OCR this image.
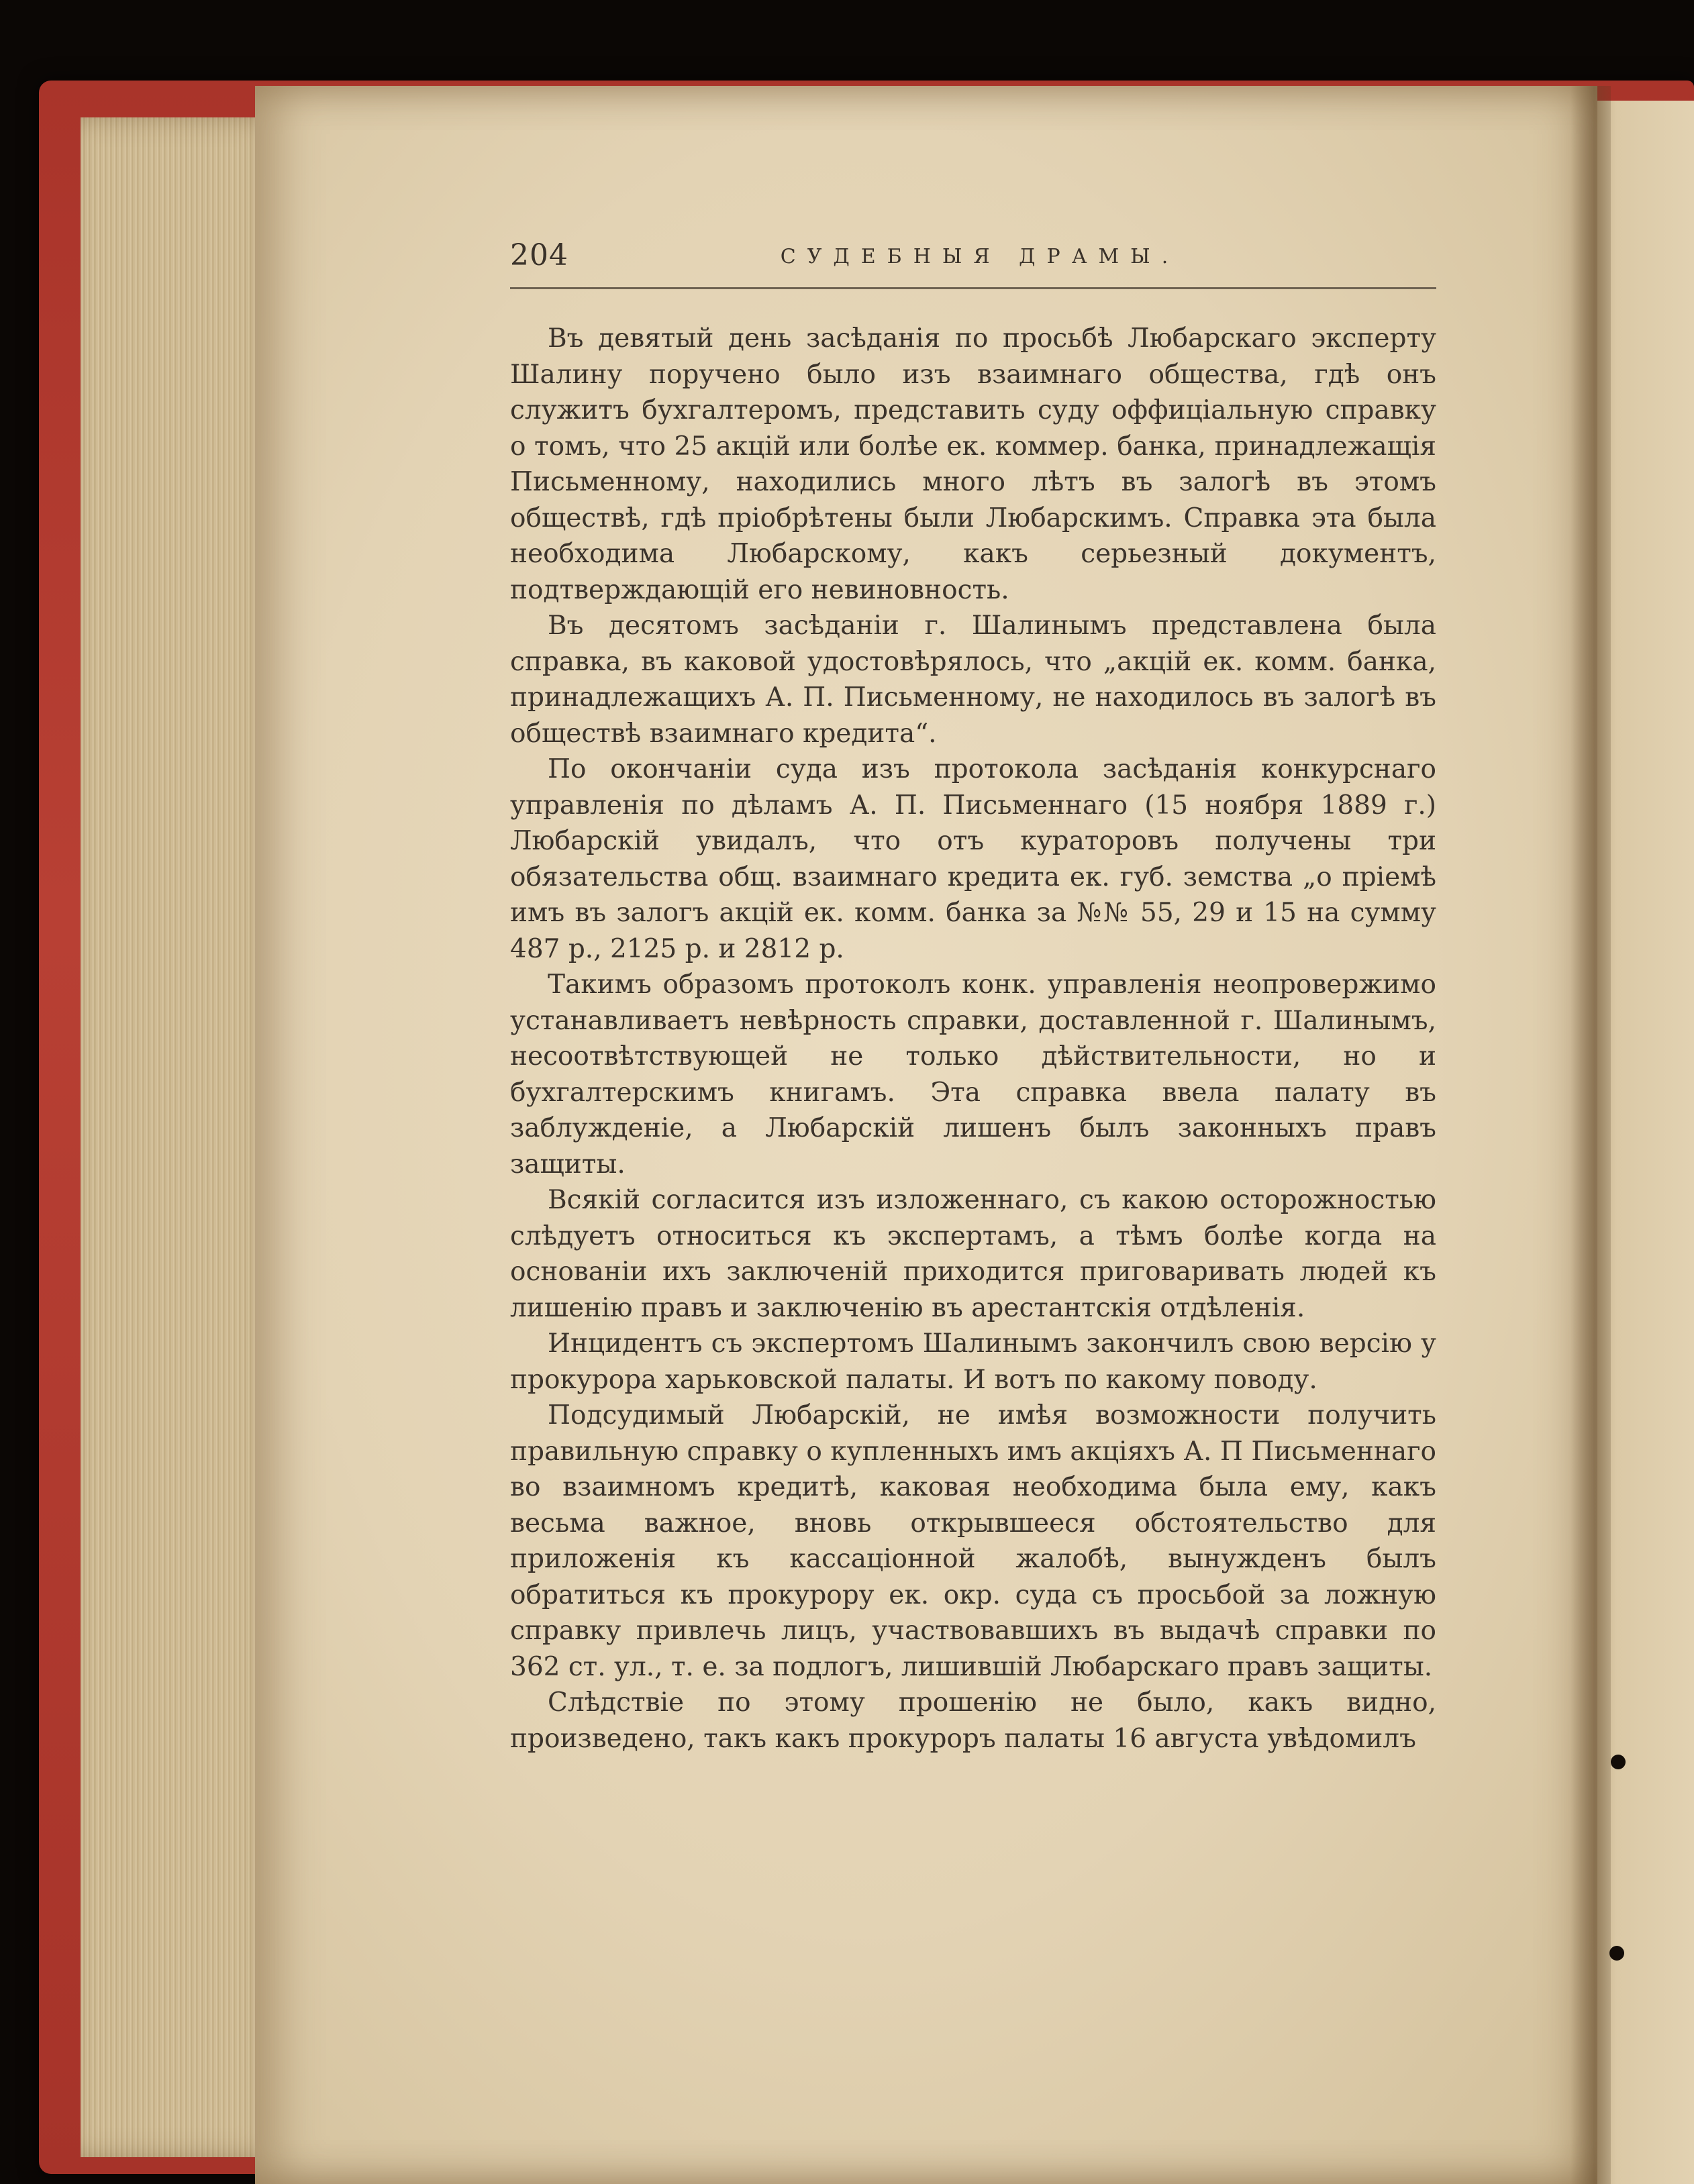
204	СУДЕБНЫЯ ДРАМЫ.

Въ девятый день засѣданія по просьбѣ Любарскаго эксперту Шалину поручено было изъ взаимнаго общества, гдѣ онъ служитъ бухгалтеромъ, представить суду оффиціальную справку о томъ, что 25 акцій или болѣе ек. коммер. банка, принадлежащія Письменному, находились много лѣтъ въ залогѣ въ этомъ обществѣ, гдѣ пріобрѣтены были Любарскимъ. Справка эта была необходима Любарскому, какъ серьезный документъ, подтверждающій его невиновность.

Въ десятомъ засѣданіи г. Шалинымъ представлена была справка, въ каковой удостовѣрялось, что „акцій ек. комм. банка, принадлежащихъ А. П. Письменному, не находилось въ залогѣ въ обществѣ взаимнаго кредита“.

По окончаніи суда изъ протокола засѣданія конкурснаго управленія по дѣламъ А. П. Письменнаго (15 ноября 1889 г.) Любарскій увидалъ, что отъ кураторовъ получены три обязательства общ. взаимнаго кредита ек. губ. земства „о пріемѣ имъ въ залогъ акцій ек. комм. банка за №№ 55, 29 и 15 на сумму 487 р., 2125 р. и 2812 р.

Такимъ образомъ протоколъ конк. управленія неопровержимо устанавливаетъ невѣрность справки, доставленной г. Шалинымъ, несоотвѣтствующей не только дѣйствительности, но и бухгалтерскимъ книгамъ. Эта справка ввела палату въ заблужденіе, а Любарскій лишенъ былъ законныхъ правъ защиты.

Всякій согласится изъ изложеннаго, съ какою осторожностью слѣдуетъ относиться къ экспертамъ, а тѣмъ болѣе когда на основаніи ихъ заключеній приходится приговаривать людей къ лишенію правъ и заключенію въ арестантскія отдѣленія.

Инцидентъ съ экспертомъ Шалинымъ закончилъ свою версію у прокурора харьковской палаты. И вотъ по какому поводу.

Подсудимый Любарскій, не имѣя возможности получить правильную справку о купленныхъ имъ акціяхъ А. П Письменнаго во взаимномъ кредитѣ, каковая необходима была ему, какъ весьма важное, вновь открывшееся обстоятельство для приложенія къ кассаціонной жалобѣ, вынужденъ былъ обратиться къ прокурору ек. окр. суда съ просьбой за ложную справку привлечь лицъ, участвовавшихъ въ выдачѣ справки по 362 ст. ул., т. е. за подлогъ, лишившій Любарскаго правъ защиты.

Слѣдствіе по этому прошенію не было, какъ видно, произведено, такъ какъ прокуроръ палаты 16 августа увѣдомилъ
